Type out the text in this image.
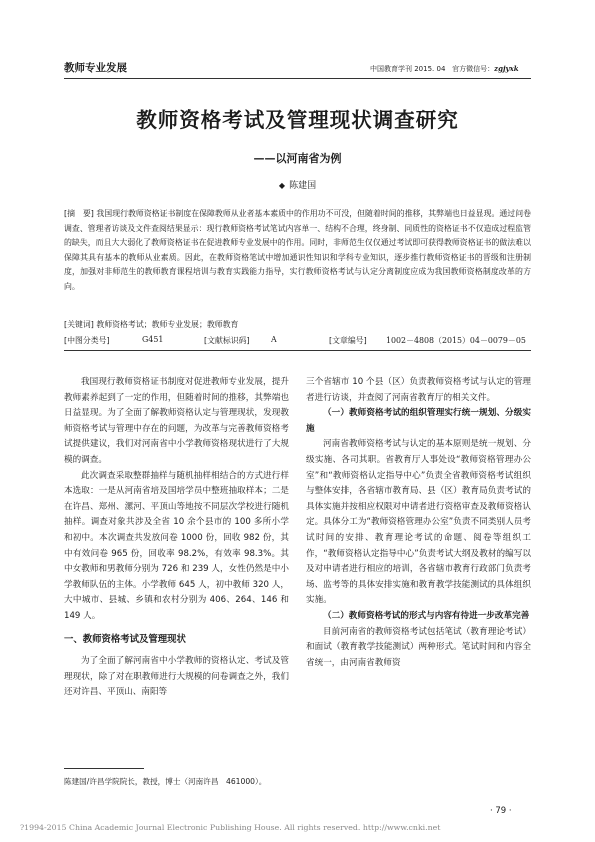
教师专业发展	中国教育学刊 2015. 04 官方微信号：zgjyxk
教师资格考试及管理现状调查研究
——以河南省为例
◆ 陈建国
[摘　要] 我国现行教师资格证书制度在保障教师从业者基本素质中的作用功不可没，但随着时间的推移，其弊端也日益显现。通过问卷调查、管理者访谈及文件查阅结果显示：现行教师资格考试笔试内容单一、结构不合理，终身制、同质性的资格证书不仅造成过程监管的缺失，而且大大弱化了教师资格证书在促进教师专业发展中的作用。同时，非师范生仅仅通过考试即可获得教师资格证书的做法难以保障其具有基本的教师从业素质。因此，在教师资格笔试中增加通识性知识和学科专业知识，逐步推行教师资格证书的晋级和注册制度，加强对非师范生的教师教育课程培训与教育实践能力指导，实行教师资格考试与认定分离制度应成为我国教师资格制度改革的方向。
[关键词] 教师资格考试；教师专业发展；教师教育
[中图分类号]	G451	[文献标识码]	A	[文章编号] 1002－4808（2015）04－0079－05

我国现行教师资格证书制度对促进教师专业发展，提升教师素养起到了一定的作用，但随着时间的推移，其弊端也日益显现。为了全面了解教师资格认定与管理现状，发现教师资格考试与管理中存在的问题，为改革与完善教师资格考试提供建议，我们对河南省中小学教师资格现状进行了大规模的调查。

此次调查采取整群抽样与随机抽样相结合的方式进行样本选取：一是从河南省培及国培学员中整班抽取样本；二是在许昌、郑州、漯河、平顶山等地按不同层次学校进行随机抽样。调查对象共涉及全省 10 余个县市的 100 多所小学和初中。本次调查共发放问卷 1000 份，回收 982 份，其中有效问卷 965 份，回收率 98.2%，有效率 98.3%。其中女教师和男教师分别为 726 和 239 人，女性仍然是中小学教师队伍的主体。小学教师 645 人，初中教师 320 人，大中城市、县城、乡镇和农村分别为 406、264、146 和 149 人。

一、教师资格考试及管理现状

为了全面了解河南省中小学教师的资格认定、考试及管理现状，除了对在职教师进行大规模的问卷调查之外，我们还对许昌、平顶山、南阳等

三个省辖市 10 个县（区）负责教师资格考试与认定的管理者进行访谈，并查阅了河南省教育厅的相关文件。

（一）教师资格考试的组织管理实行统一规划、分级实施

河南省教师资格考试与认定的基本原则是统一规划、分级实施、各司其职。省教育厅人事处设“教师资格管理办公室”和“教师资格认定指导中心”负责全省教师资格考试组织与整体安排，各省辖市教育局、县（区）教育局负责考试的具体实施并按相应权限对申请者进行资格审查及教师资格认定。具体分工为“教师资格管理办公室”负责不同类别人员考试时间的安排、教育理论考试的命题、阅卷等组织工作，“教师资格认定指导中心”负责考试大纲及教材的编写以及对申请者进行相应的培训，各省辖市教育行政部门负责考场、监考等的具体安排实施和教育教学技能测试的具体组织实施。

（二）教师资格考试的形式与内容有待进一步改革完善

目前河南省的教师资格考试包括笔试（教育理论考试）和面试（教育教学技能测试）两种形式。笔试时间和内容全省统一，由河南省教师资

陈建国/许昌学院院长，教授，博士（河南许昌　461000）。
· 79 ·
?1994-2015 China Academic Journal Electronic Publishing House. All rights reserved. http://www.cnki.net
